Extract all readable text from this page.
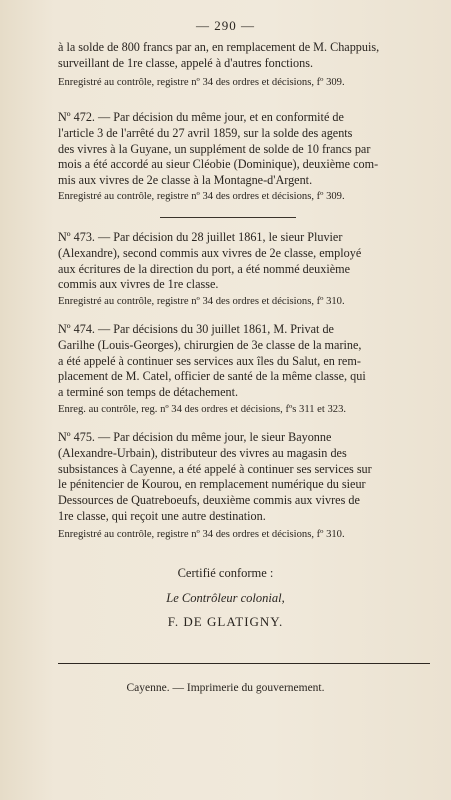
— 290 —
à la solde de 800 francs par an, en remplacement de M. Chappuis,
surveillant de 1re classe, appelé à d'autres fonctions.
Enregistré au contrôle, registre nº 34 des ordres et décisions, fº 309.
Nº 472. — Par décision du même jour, et en conformité de
l'article 3 de l'arrêté du 27 avril 1859, sur la solde des agents
des vivres à la Guyane, un supplément de solde de 10 francs par
mois a été accordé au sieur Cléobie (Dominique), deuxième com-
mis aux vivres de 2e classe à la Montagne-d'Argent.
Enregistré au contrôle, registre nº 34 des ordres et décisions, fº 309.
Nº 473. — Par décision du 28 juillet 1861, le sieur Pluvier
(Alexandre), second commis aux vivres de 2e classe, employé
aux écritures de la direction du port, a été nommé deuxième
commis aux vivres de 1re classe.
Enregistré au contrôle, registre nº 34 des ordres et décisions, fº 310.
Nº 474. — Par décisions du 30 juillet 1861, M. Privat de
Garilhe (Louis-Georges), chirurgien de 3e classe de la marine,
a été appelé à continuer ses services aux îles du Salut, en rem-
placement de M. Catel, officier de santé de la même classe, qui
a terminé son temps de détachement.
Enreg. au contrôle, reg. nº 34 des ordres et décisions, fºs 311 et 323.
Nº 475. — Par décision du même jour, le sieur Bayonne
(Alexandre-Urbain), distributeur des vivres au magasin des
subsistances à Cayenne, a été appelé à continuer ses services sur
le pénitencier de Kourou, en remplacement numérique du sieur
Dessources de Quatreboeufs, deuxième commis aux vivres de
1re classe, qui reçoit une autre destination.
Enregistré au contrôle, registre nº 34 des ordres et décisions, fº 310.
Certifié conforme :
Le Contrôleur colonial,
F. DE GLATIGNY.
Cayenne. — Imprimerie du gouvernement.
